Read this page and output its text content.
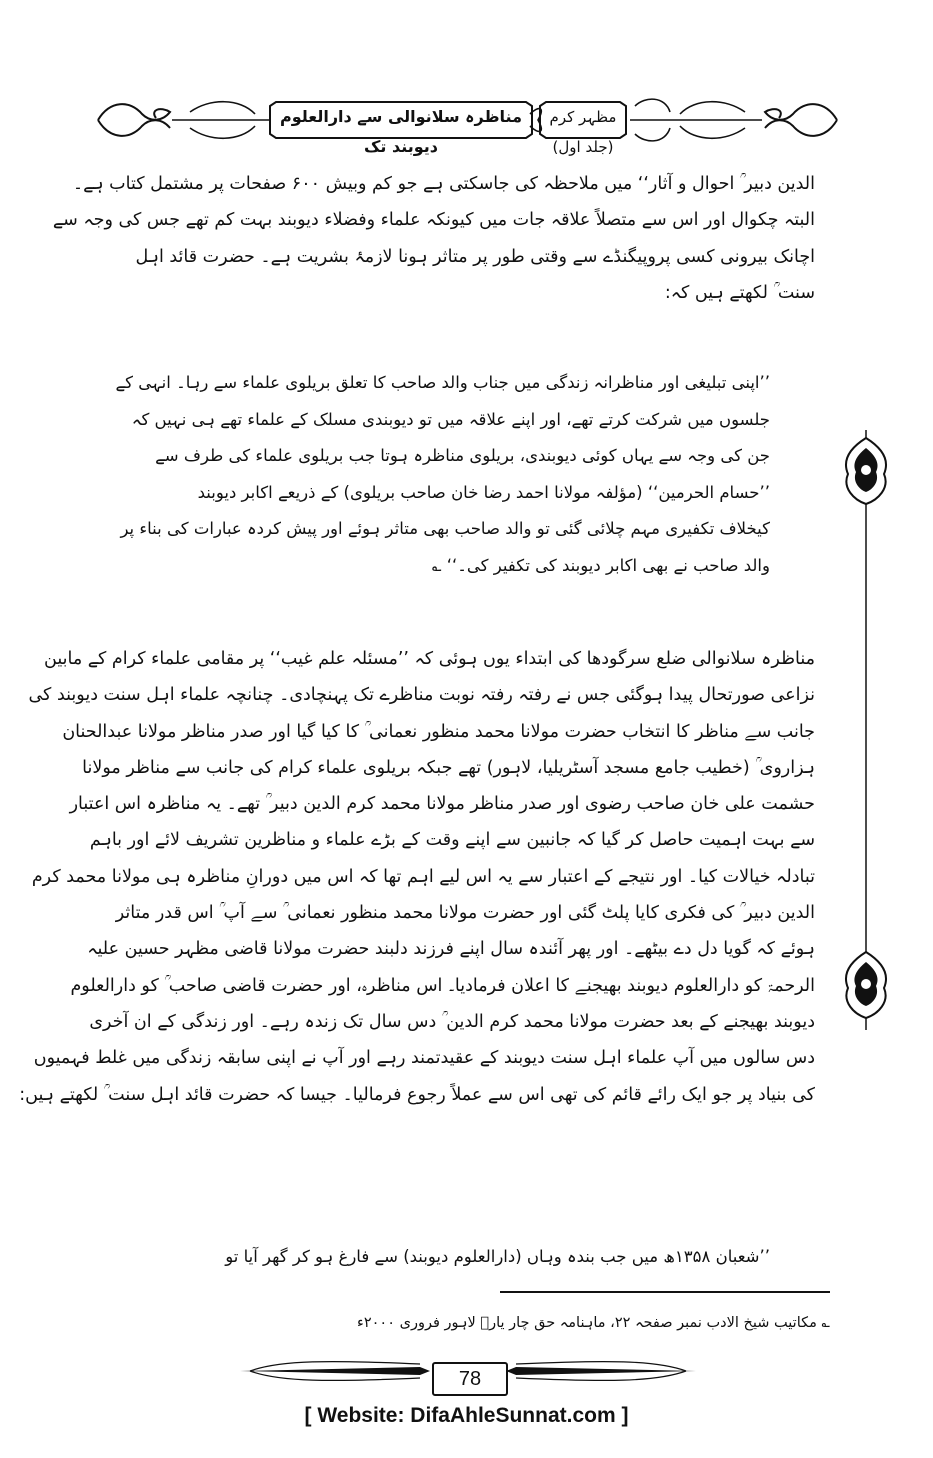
مظہر کرم (جلد اول)
مناظرہ سلانوالی سے دارالعلوم دیوبند تک
الدین دبیر ؒ احوال و آثار‘‘ میں ملاحظہ کی جاسکتی ہے جو کم وبیش ۶۰۰ صفحات پر مشتمل کتاب ہے۔
البتہ چکوال اور اس سے متصلاً علاقہ جات میں کیونکہ علماء وفضلاء دیوبند بہت کم تھے جس کی وجہ سے
اچانک بیرونی کسی پروپیگنڈے سے وقتی طور پر متاثر ہونا لازمۂ بشریت ہے۔ حضرت قائد اہل
سنت ؒ لکھتے ہیں کہ:
’’اپنی تبلیغی اور مناظرانہ زندگی میں جناب والد صاحب کا تعلق بریلوی علماء سے رہا۔ انہی کے
جلسوں میں شرکت کرتے تھے، اور اپنے علاقہ میں تو دیوبندی مسلک کے علماء تھے ہی نہیں کہ
جن کی وجہ سے یہاں کوئی دیوبندی، بریلوی مناظرہ ہوتا جب بریلوی علماء کی طرف سے
’’حسام الحرمین‘‘ (مؤلفہ مولانا احمد رضا خان صاحب بریلوی) کے ذریعے اکابر دیوبند
کیخلاف تکفیری مہم چلائی گئی تو والد صاحب بھی متاثر ہوئے اور پیش کردہ عبارات کی بناء پر
والد صاحب نے بھی اکابر دیوبند کی تکفیر کی۔‘‘ ؎
مناظرہ سلانوالی ضلع سرگودھا کی ابتداء یوں ہوئی کہ ’’مسئلہ علم غیب‘‘ پر مقامی علماء کرام کے مابین
نزاعی صورتحال پیدا ہوگئی جس نے رفتہ رفتہ نوبت مناظرے تک پہنچادی۔ چنانچہ علماء اہل سنت دیوبند کی
جانب سے مناظر کا انتخاب حضرت مولانا محمد منظور نعمانی ؒ کا کیا گیا اور صدر مناظر مولانا عبدالحنان
ہزاروی ؒ (خطیب جامع مسجد آسٹریلیا، لاہور) تھے جبکہ بریلوی علماء کرام کی جانب سے مناظر مولانا
حشمت علی خان صاحب رضوی اور صدر مناظر مولانا محمد کرم الدین دبیر ؒ تھے۔ یہ مناظرہ اس اعتبار
سے بہت اہمیت حاصل کر گیا کہ جانبین سے اپنے وقت کے بڑے علماء و مناظرین تشریف لائے اور باہم
تبادلہ خیالات کیا۔ اور نتیجے کے اعتبار سے یہ اس لیے اہم تھا کہ اس میں دورانِ مناظرہ ہی مولانا محمد کرم
الدین دبیر ؒ کی فکری کایا پلٹ گئی اور حضرت مولانا محمد منظور نعمانی ؒ سے آپ ؒ اس قدر متاثر
ہوئے کہ گویا دل دے بیٹھے۔ اور پھر آئندہ سال اپنے فرزند دلبند حضرت مولانا قاضی مظہر حسین علیہ
الرحمۃ کو دارالعلوم دیوبند بھیجنے کا اعلان فرمادیا۔ اس مناظرہ، اور حضرت قاضی صاحب ؒ کو دارالعلوم
دیوبند بھیجنے کے بعد حضرت مولانا محمد کرم الدین ؒ دس سال تک زندہ رہے۔ اور زندگی کے ان آخری
دس سالوں میں آپ علماء اہل سنت دیوبند کے عقیدتمند رہے اور آپ نے اپنی سابقہ زندگی میں غلط فہمیوں
کی بنیاد پر جو ایک رائے قائم کی تھی اس سے عملاً رجوع فرمالیا۔ جیسا کہ حضرت قائد اہل سنت ؒ لکھتے ہیں:
’’شعبان ۱۳۵۸ھ میں جب بندہ وہاں (دارالعلوم دیوبند) سے فارغ ہو کر گھر آیا تو
؎ مکاتیب شیخ الادب نمبر صفحہ ۲۲، ماہنامہ حق چار یارؓ لاہور فروری ۲۰۰۰ء
78
[ Website: DifaAhleSunnat.com ]
